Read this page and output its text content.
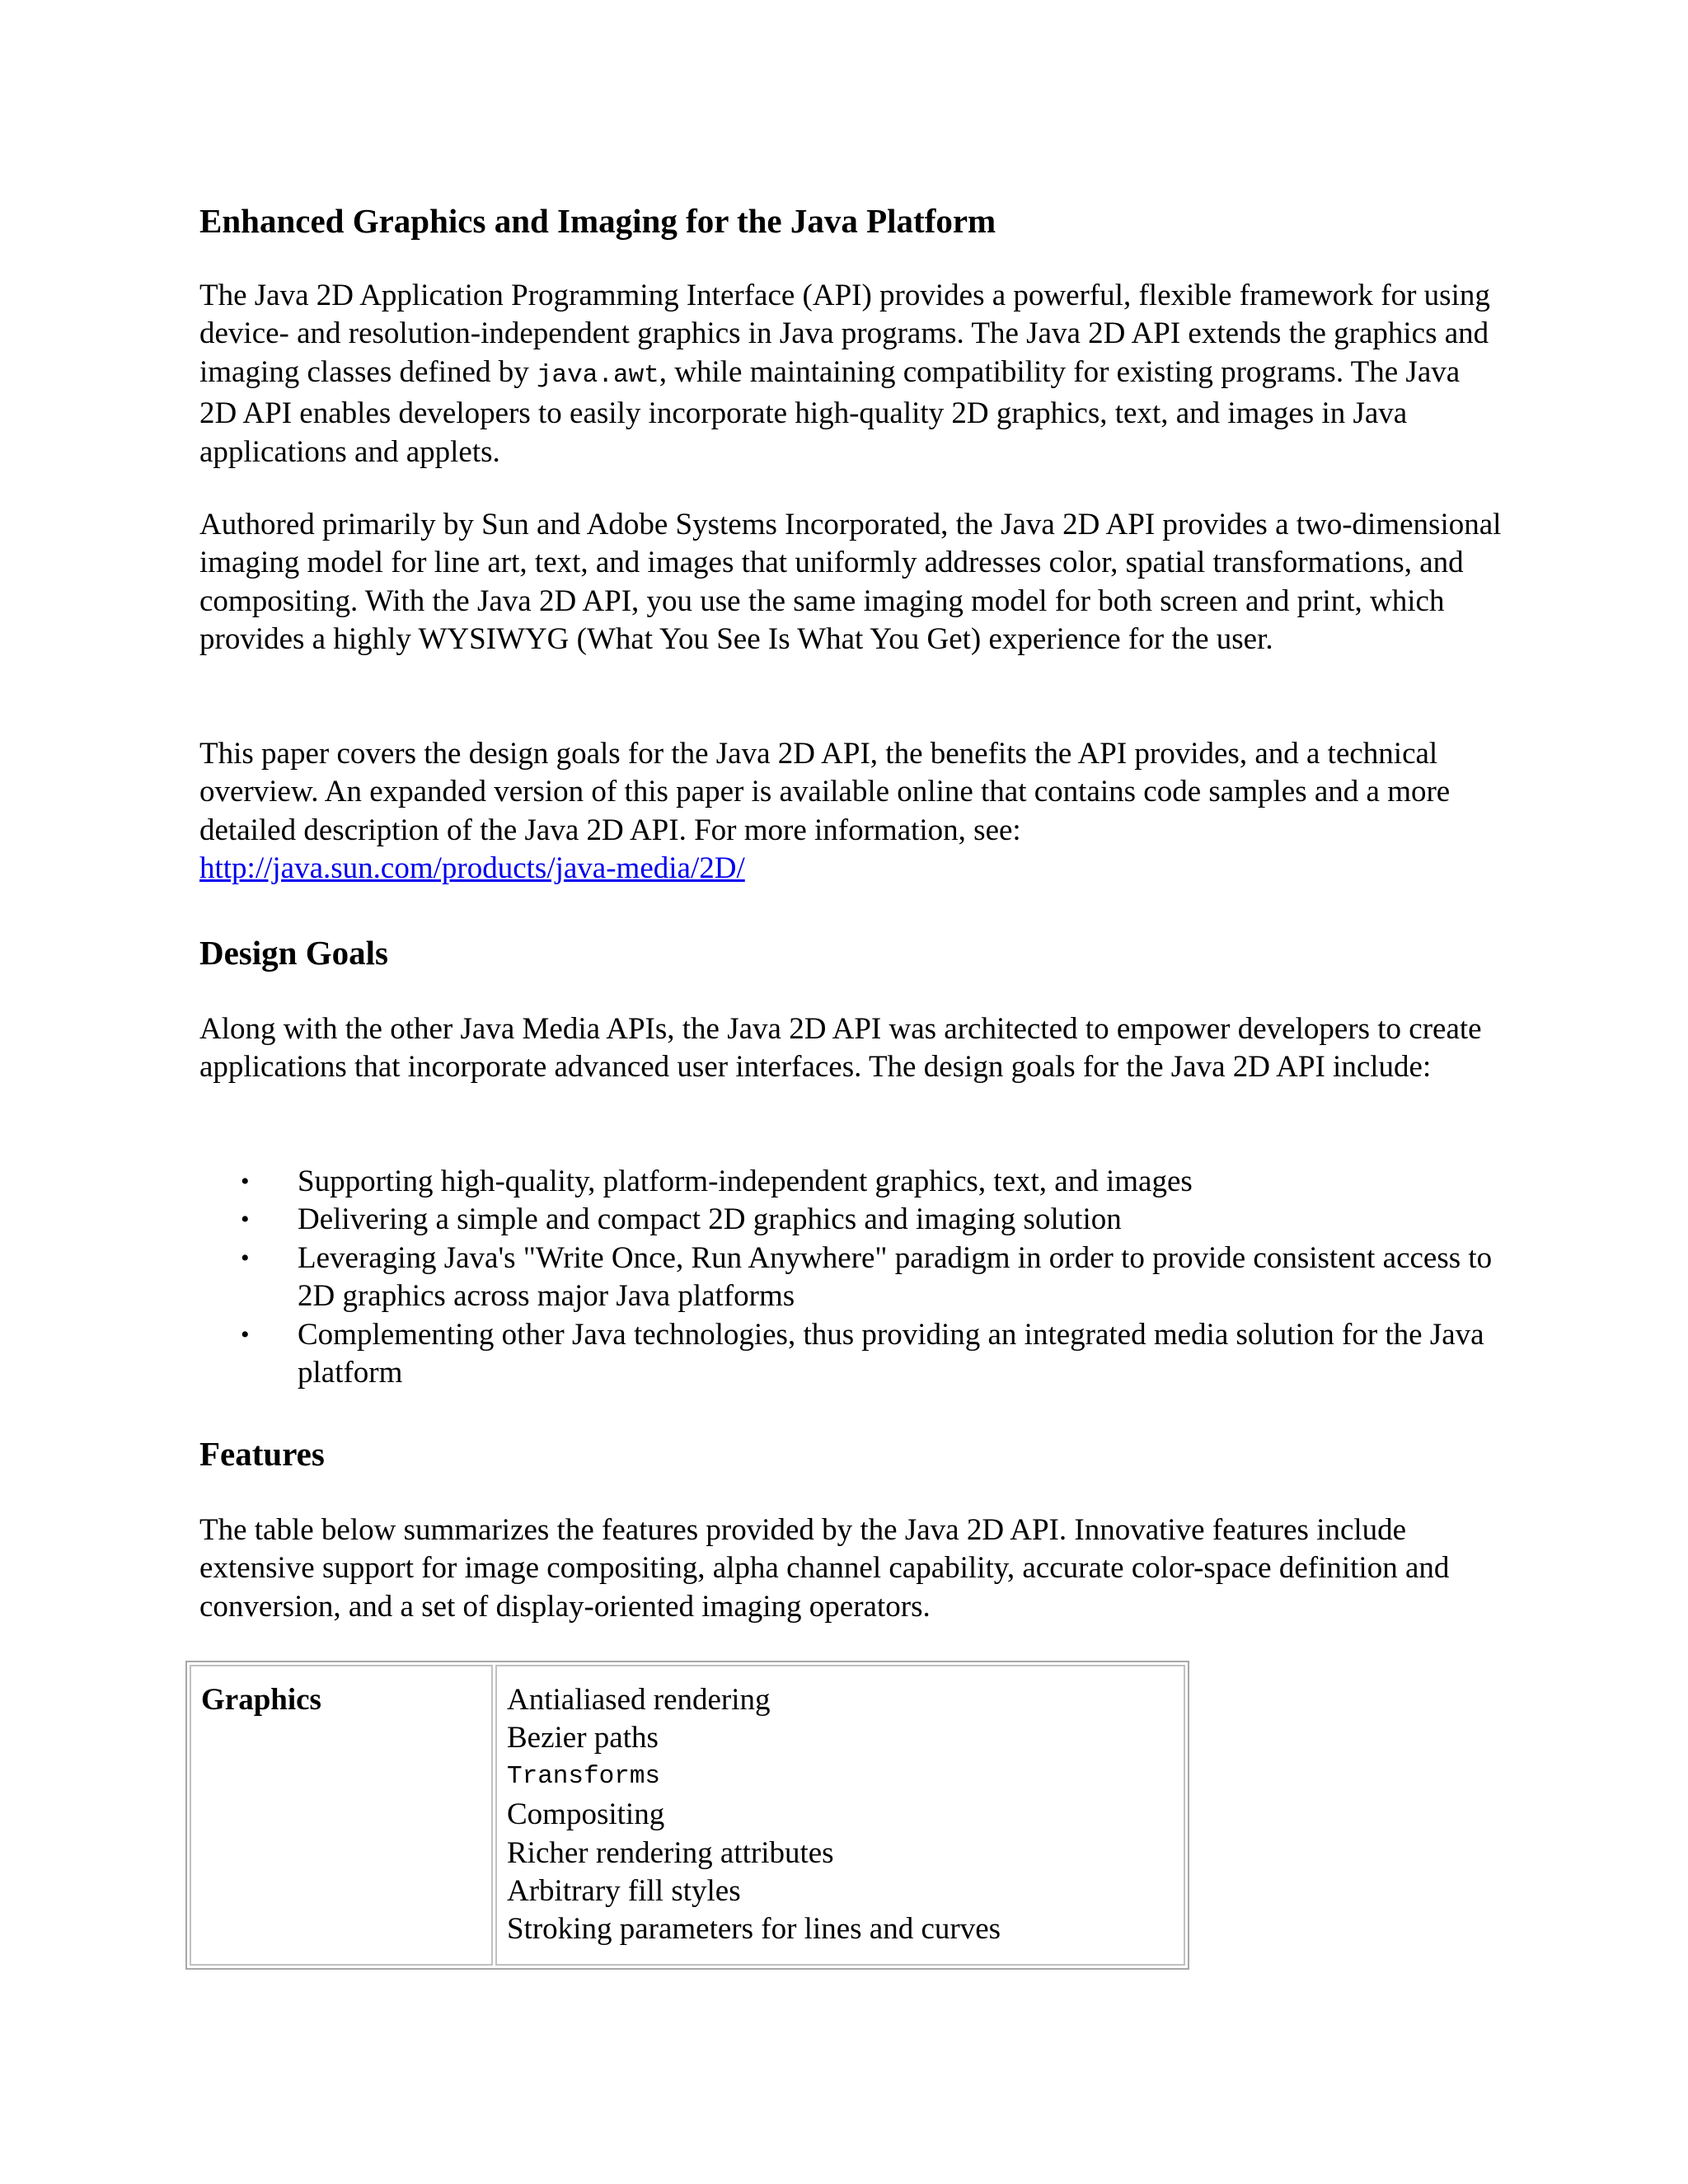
Enhanced Graphics and Imaging for the Java Platform

The Java 2D Application Programming Interface (API) provides a powerful, flexible framework for using device- and resolution-independent graphics in Java programs. The Java 2D API extends the graphics and imaging classes defined by java.awt, while maintaining compatibility for existing programs. The Java 2D API enables developers to easily incorporate high-quality 2D graphics, text, and images in Java applications and applets.

Authored primarily by Sun and Adobe Systems Incorporated, the Java 2D API provides a two-dimensional imaging model for line art, text, and images that uniformly addresses color, spatial transformations, and compositing. With the Java 2D API, you use the same imaging model for both screen and print, which provides a highly WYSIWYG (What You See Is What You Get) experience for the user.

This paper covers the design goals for the Java 2D API, the benefits the API provides, and a technical overview. An expanded version of this paper is available online that contains code samples and a more detailed description of the Java 2D API. For more information, see:
http://java.sun.com/products/java-media/2D/

Design Goals

Along with the other Java Media APIs, the Java 2D API was architected to empower developers to create applications that incorporate advanced user interfaces. The design goals for the Java 2D API include:

• Supporting high-quality, platform-independent graphics, text, and images
• Delivering a simple and compact 2D graphics and imaging solution
• Leveraging Java's "Write Once, Run Anywhere" paradigm in order to provide consistent access to 2D graphics across major Java platforms
• Complementing other Java technologies, thus providing an integrated media solution for the Java platform
Features

The table below summarizes the features provided by the Java 2D API. Innovative features include extensive support for image compositing, alpha channel capability, accurate color-space definition and conversion, and a set of display-oriented imaging operators.

Graphics	Antialiased rendering
Bezier paths
Transforms
Compositing
Richer rendering attributes
Arbitrary fill styles
Stroking parameters for lines and curves
